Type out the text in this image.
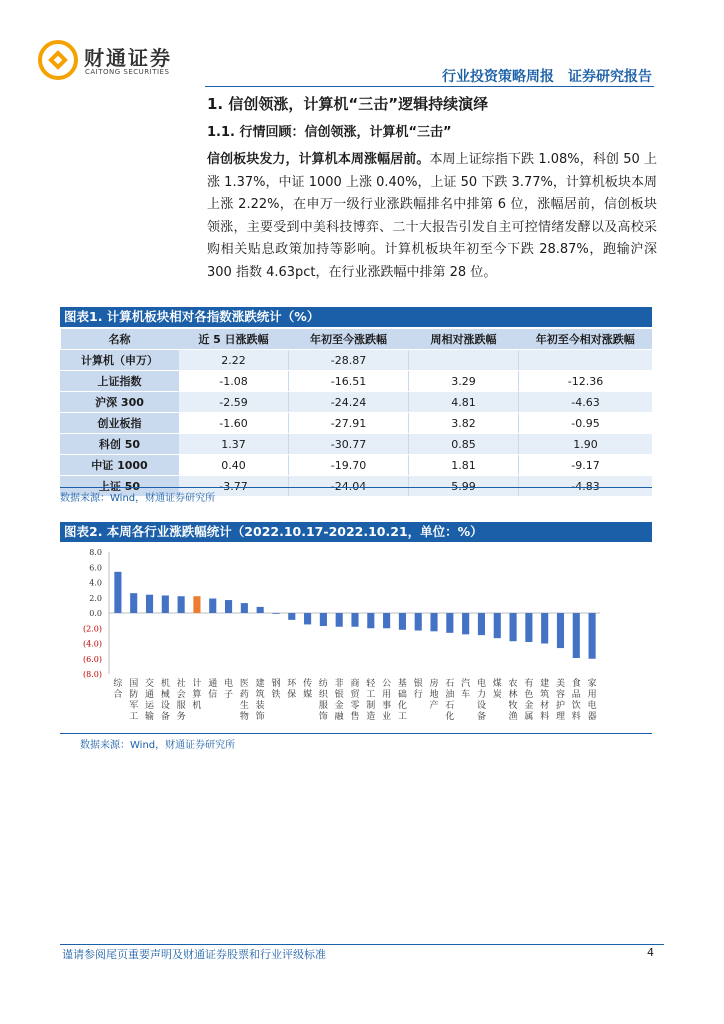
财通证券
CAITONG SECURITIES	行业投资策略周报 证券研究报告
1. 信创领涨，计算机“三击”逻辑持续演绎
1.1. 行情回顾：信创领涨，计算机“三击”
信创板块发力，计算机本周涨幅居前。本周上证综指下跌 1.08%，科创 50 上涨 1.37%，中证 1000 上涨 0.40%，上证 50 下跌 3.77%，计算机板块本周上涨 2.22%，在申万一级行业涨跌幅排名中排第 6 位，涨幅居前，信创板块领涨，主要受到中美科技博弈、二十大报告引发自主可控情绪发酵以及高校采购相关贴息政策加持等影响。计算机板块年初至今下跌 28.87%，跑输沪深 300 指数 4.63pct，在行业涨跌幅中排第 28 位。
图表1. 计算机板块相对各指数涨跌统计（%）
名称	近 5 日涨跌幅	年初至今涨跌幅	周相对涨跌幅	年初至今相对涨跌幅
计算机（申万）	2.22	-28.87		
上证指数	-1.08	-16.51	3.29	-12.36
沪深 300	-2.59	-24.24	4.81	-4.63
创业板指	-1.60	-27.91	3.82	-0.95
科创 50	1.37	-30.77	0.85	1.90
中证 1000	0.40	-19.70	1.81	-9.17
上证 50	-3.77	-24.04	5.99	-4.83
数据来源：Wind，财通证券研究所
图表2. 本周各行业涨跌幅统计（2022.10.17-2022.10.21，单位：%）
8.0
6.0
4.0
2.0
0.0
(2.0)
(4.0)
(6.0)
(8.0)
综合
国防军工
交通运输
机械设备
社会服务
计算机
通信
电子
医药生物
建筑装饰
钢铁
环保
传媒
纺织服饰
非银金融
商贸零售
轻工制造
公用事业
基础化工
银行
房地产
石油石化
汽车
电力设备
煤炭
农林牧渔
有色金属
建筑材料
美容护理
食品饮料
家用电器
数据来源：Wind，财通证券研究所
谨请参阅尾页重要声明及财通证券股票和行业评级标准	4
